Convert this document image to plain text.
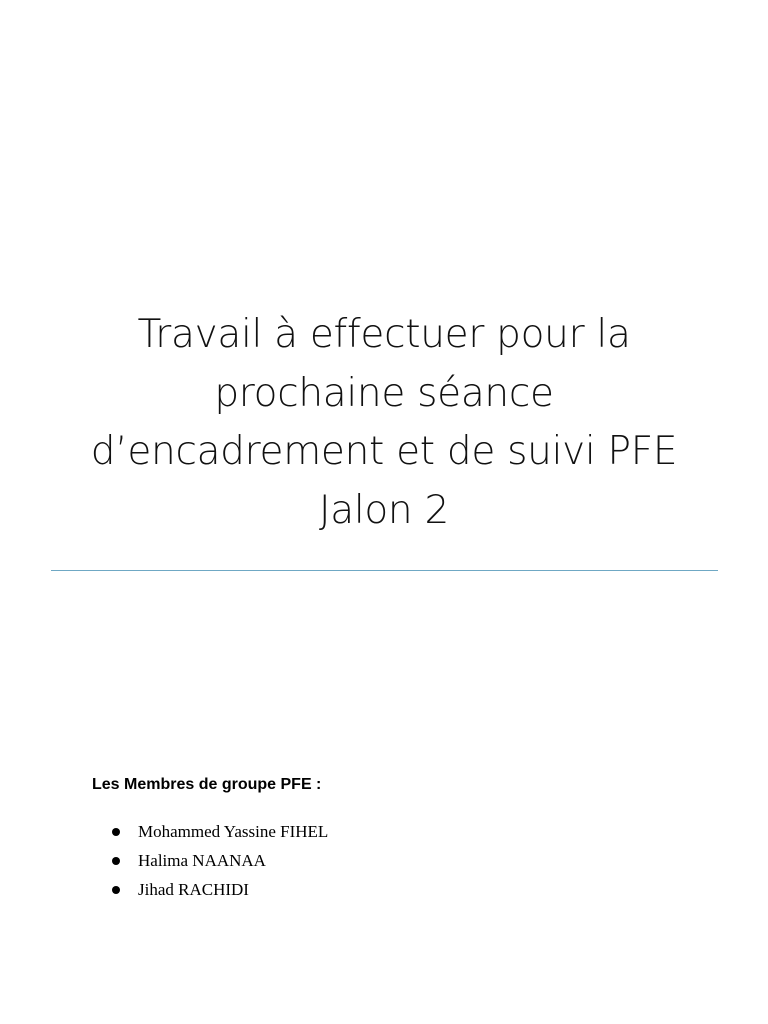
Travail à effectuer pour la
prochaine séance
d’encadrement et de suivi PFE
Jalon 2
Les Membres de groupe PFE :
Mohammed Yassine FIHEL
Halima NAANAA
Jihad RACHIDI
